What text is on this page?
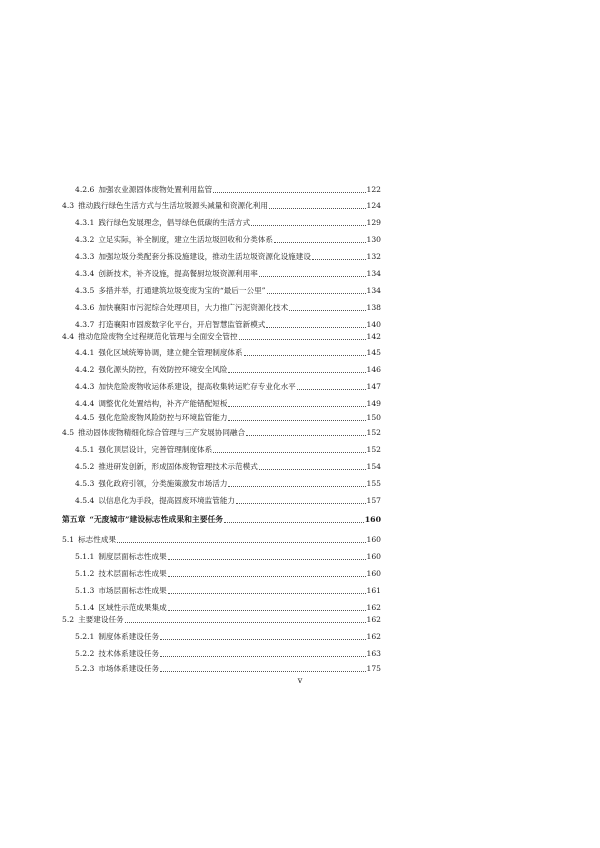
4.2.6 加强农业源固体废物处置利用监管	122
4.3 推动践行绿色生活方式与生活垃圾源头减量和资源化利用	124
4.3.1 践行绿色发展理念，倡导绿色低碳的生活方式	129
4.3.2 立足实际，补全制度，建立生活垃圾回收和分类体系	130
4.3.3 加强垃圾分类配套分拣设施建设，推动生活垃圾资源化设施建设	132
4.3.4 创新技术，补齐设施，提高餐厨垃圾资源利用率	134
4.3.5 多措并举，打通建筑垃圾变废为宝的“最后一公里”	134
4.3.6 加快襄阳市污泥综合处理项目，大力推广污泥资源化技术	138
4.3.7 打造襄阳市固废数字化平台，开启智慧监管新模式	140
4.4 推动危险废物全过程规范化管理与全面安全管控	142
4.4.1 强化区域统筹协调，建立健全管理制度体系	145
4.4.2 强化源头防控，有效防控环境安全风险	146
4.4.3 加快危险废物收运体系建设，提高收集转运贮存专业化水平	147
4.4.4 调整优化处置结构，补齐产能错配短板	149
4.4.5 强化危险废物风险防控与环境监管能力	150
4.5 推动固体废物精细化综合管理与三产发展协同融合	152
4.5.1 强化顶层设计，完善管理制度体系	152
4.5.2 推进研发创新，形成固体废物管理技术示范模式	154
4.5.3 强化政府引领，分类施策激发市场活力	155
4.5.4 以信息化为手段，提高固废环境监管能力	157
第五章 “无废城市”建设标志性成果和主要任务	160
5.1 标志性成果	160
5.1.1 制度层面标志性成果	160
5.1.2 技术层面标志性成果	160
5.1.3 市场层面标志性成果	161
5.1.4 区域性示范成果集成	162
5.2 主要建设任务	162
5.2.1 制度体系建设任务	162
5.2.2 技术体系建设任务	163
5.2.3 市场体系建设任务	175
v
